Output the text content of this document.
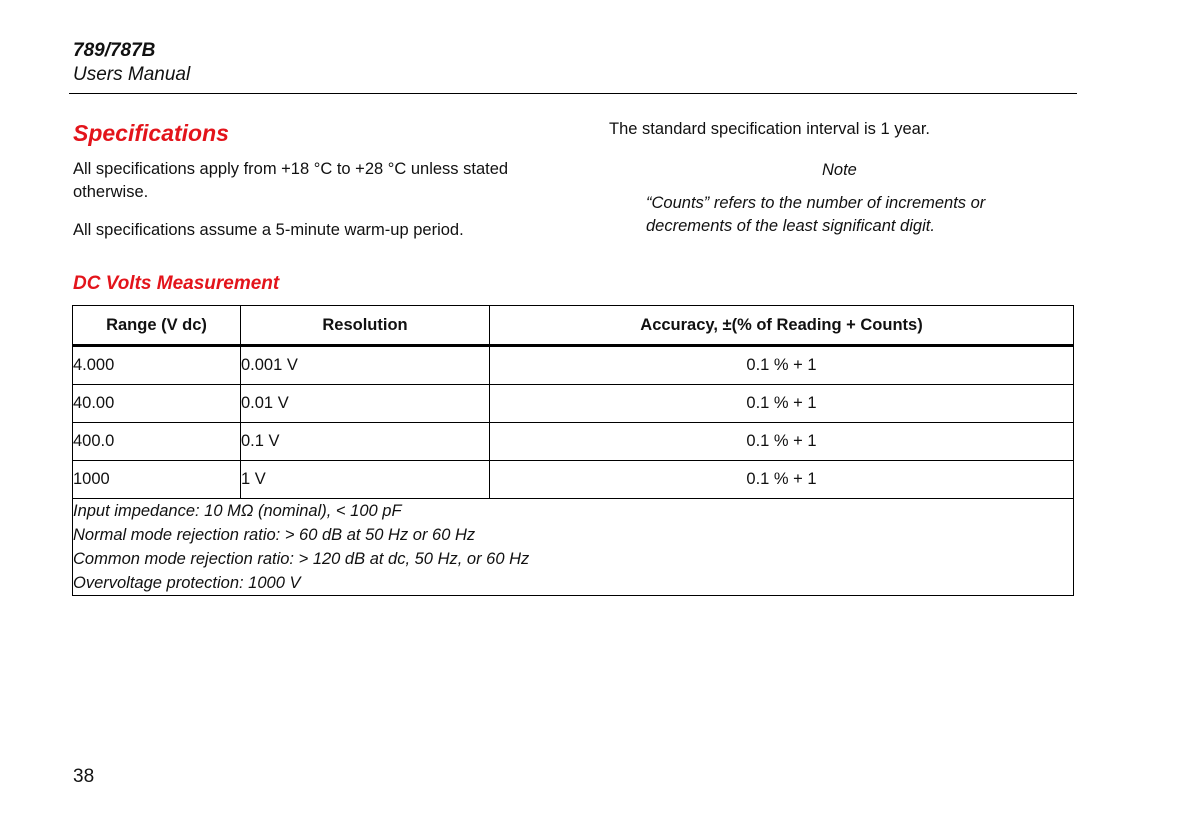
789/787B
Users Manual
Specifications
All specifications apply from +18 °C to +28 °C unless stated otherwise.
All specifications assume a 5-minute warm-up period.
The standard specification interval is 1 year.
Note
“Counts” refers to the number of increments or decrements of the least significant digit.
DC Volts Measurement
Range (V dc)	Resolution	Accuracy, ±(% of Reading + Counts)
4.000	0.001 V	0.1 % + 1
40.00	0.01 V	0.1 % + 1
400.0	0.1 V	0.1 % + 1
1000	1 V	0.1 % + 1

Input impedance: 10 MΩ (nominal), < 100 pF
Normal mode rejection ratio: > 60 dB at 50 Hz or 60 Hz
Common mode rejection ratio: > 120 dB at dc, 50 Hz, or 60 Hz
Overvoltage protection: 1000 V		
38
